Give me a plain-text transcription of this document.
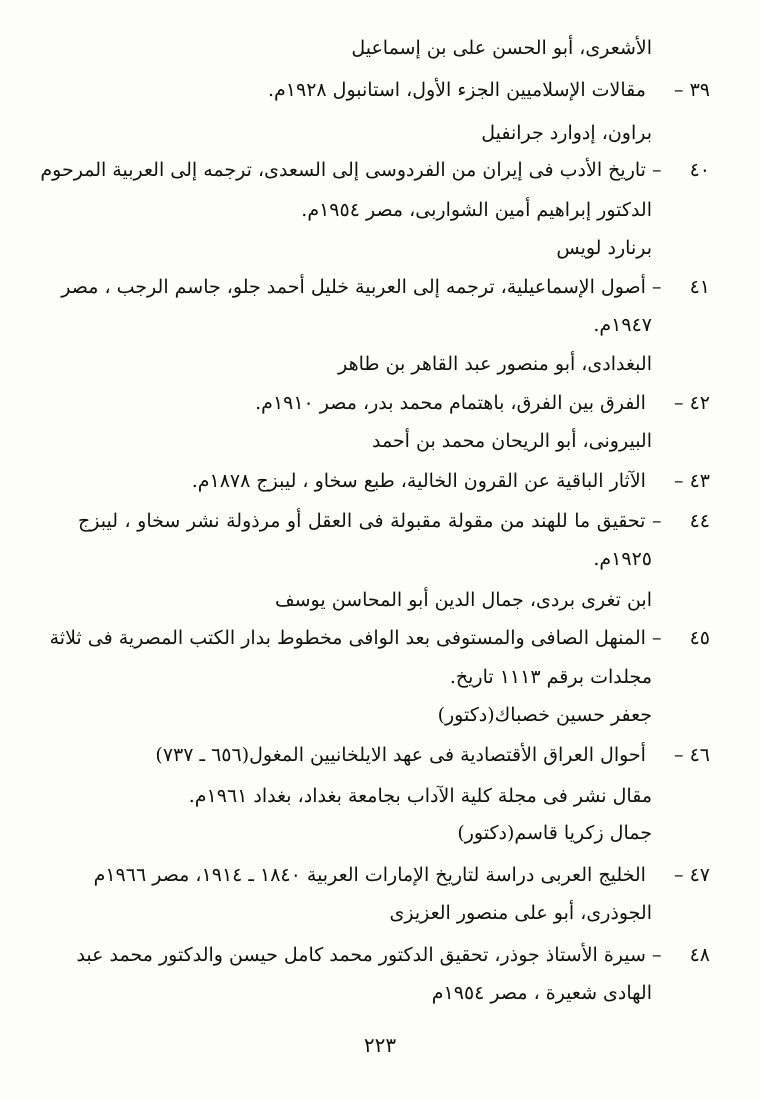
الأشعرى، أبو الحسن على بن إسماعيل
٣٩ – مقالات الإسلاميين الجزء الأول، استانبول ١٩٢٨م.
براون، إدوارد جرانفيل
٤٠ – تاريخ الأدب فى إيران من الفردوسى إلى السعدى، ترجمه إلى العربية المرحوم
الدكتور إبراهيم أمين الشواربى، مصر ١٩٥٤م.
برنارد لويس
٤١ – أصول الإسماعيلية، ترجمه إلى العربية خليل أحمد جلو، جاسم الرجب ، مصر
١٩٤٧م.
البغدادى، أبو منصور عبد القاهر بن طاهر
٤٢ – الفرق بين الفرق، باهتمام محمد بدر، مصر ١٩١٠م.
البيرونى، أبو الريحان محمد بن أحمد
٤٣ – الآثار الباقية عن القرون الخالية، طبع سخاو ، ليبزج ١٨٧٨م.
٤٤ – تحقيق ما للهند من مقولة مقبولة فى العقل أو مرذولة نشر سخاو ، ليبزج
١٩٢٥م.
ابن تغرى بردى، جمال الدين أبو المحاسن يوسف
٤٥ – المنهل الصافى والمستوفى بعد الوافى مخطوط بدار الكتب المصرية فى ثلاثة
مجلدات برقم ١١١٣ تاريخ.
جعفر حسين خصباك(دكتور)
٤٦ – أحوال العراق الأقتصادية فى عهد الايلخانيين المغول(٦٥٦ ـ ٧٣٧)
مقال نشر فى مجلة كلية الآداب بجامعة بغداد، بغداد ١٩٦١م.
جمال زكريا قاسم(دكتور)
٤٧ – الخليج العربى دراسة لتاريخ الإمارات العربية ١٨٤٠ ـ ١٩١٤، مصر ١٩٦٦م
الجوذرى، أبو على منصور العزيزى
٤٨ – سيرة الأستاذ جوذر، تحقيق الدكتور محمد كامل حيسن والدكتور محمد عبد
الهادى شعيرة ، مصر ١٩٥٤م
٢٢٣
